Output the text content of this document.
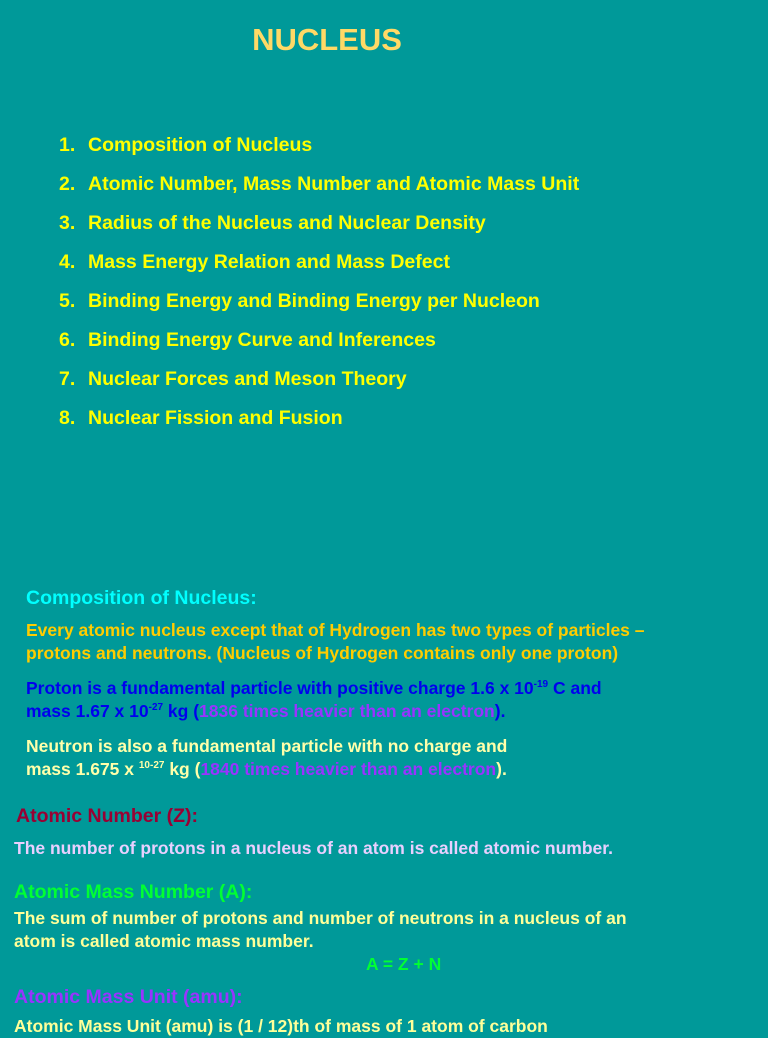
NUCLEUS
1. Composition of Nucleus
2. Atomic Number, Mass Number and Atomic Mass Unit
3. Radius of the Nucleus and Nuclear Density
4. Mass Energy Relation and Mass Defect
5. Binding Energy and Binding Energy per Nucleon
6. Binding Energy Curve and Inferences
7. Nuclear Forces and Meson Theory
8. Nuclear Fission and Fusion
Composition of Nucleus:
Every atomic nucleus except that of Hydrogen has two types of particles –
protons and neutrons. (Nucleus of Hydrogen contains only one proton)
Proton is a fundamental particle with positive charge 1.6 x $10^{-19}$ C and
mass 1.67 x $10^{-27}$ kg (1836 times heavier than an electron).
Neutron is also a fundamental particle with no charge and
mass 1.675 x $^{10-27}$ kg (1840 times heavier than an electron).
Atomic Number (Z):
The number of protons in a nucleus of an atom is called atomic number.
Atomic Mass Number (A):
The sum of number of protons and number of neutrons in a nucleus of an
atom is called atomic mass number.
A = Z + N
Atomic Mass Unit (amu):
Atomic Mass Unit (amu) is (1 / 12)th of mass of 1 atom of carbon
